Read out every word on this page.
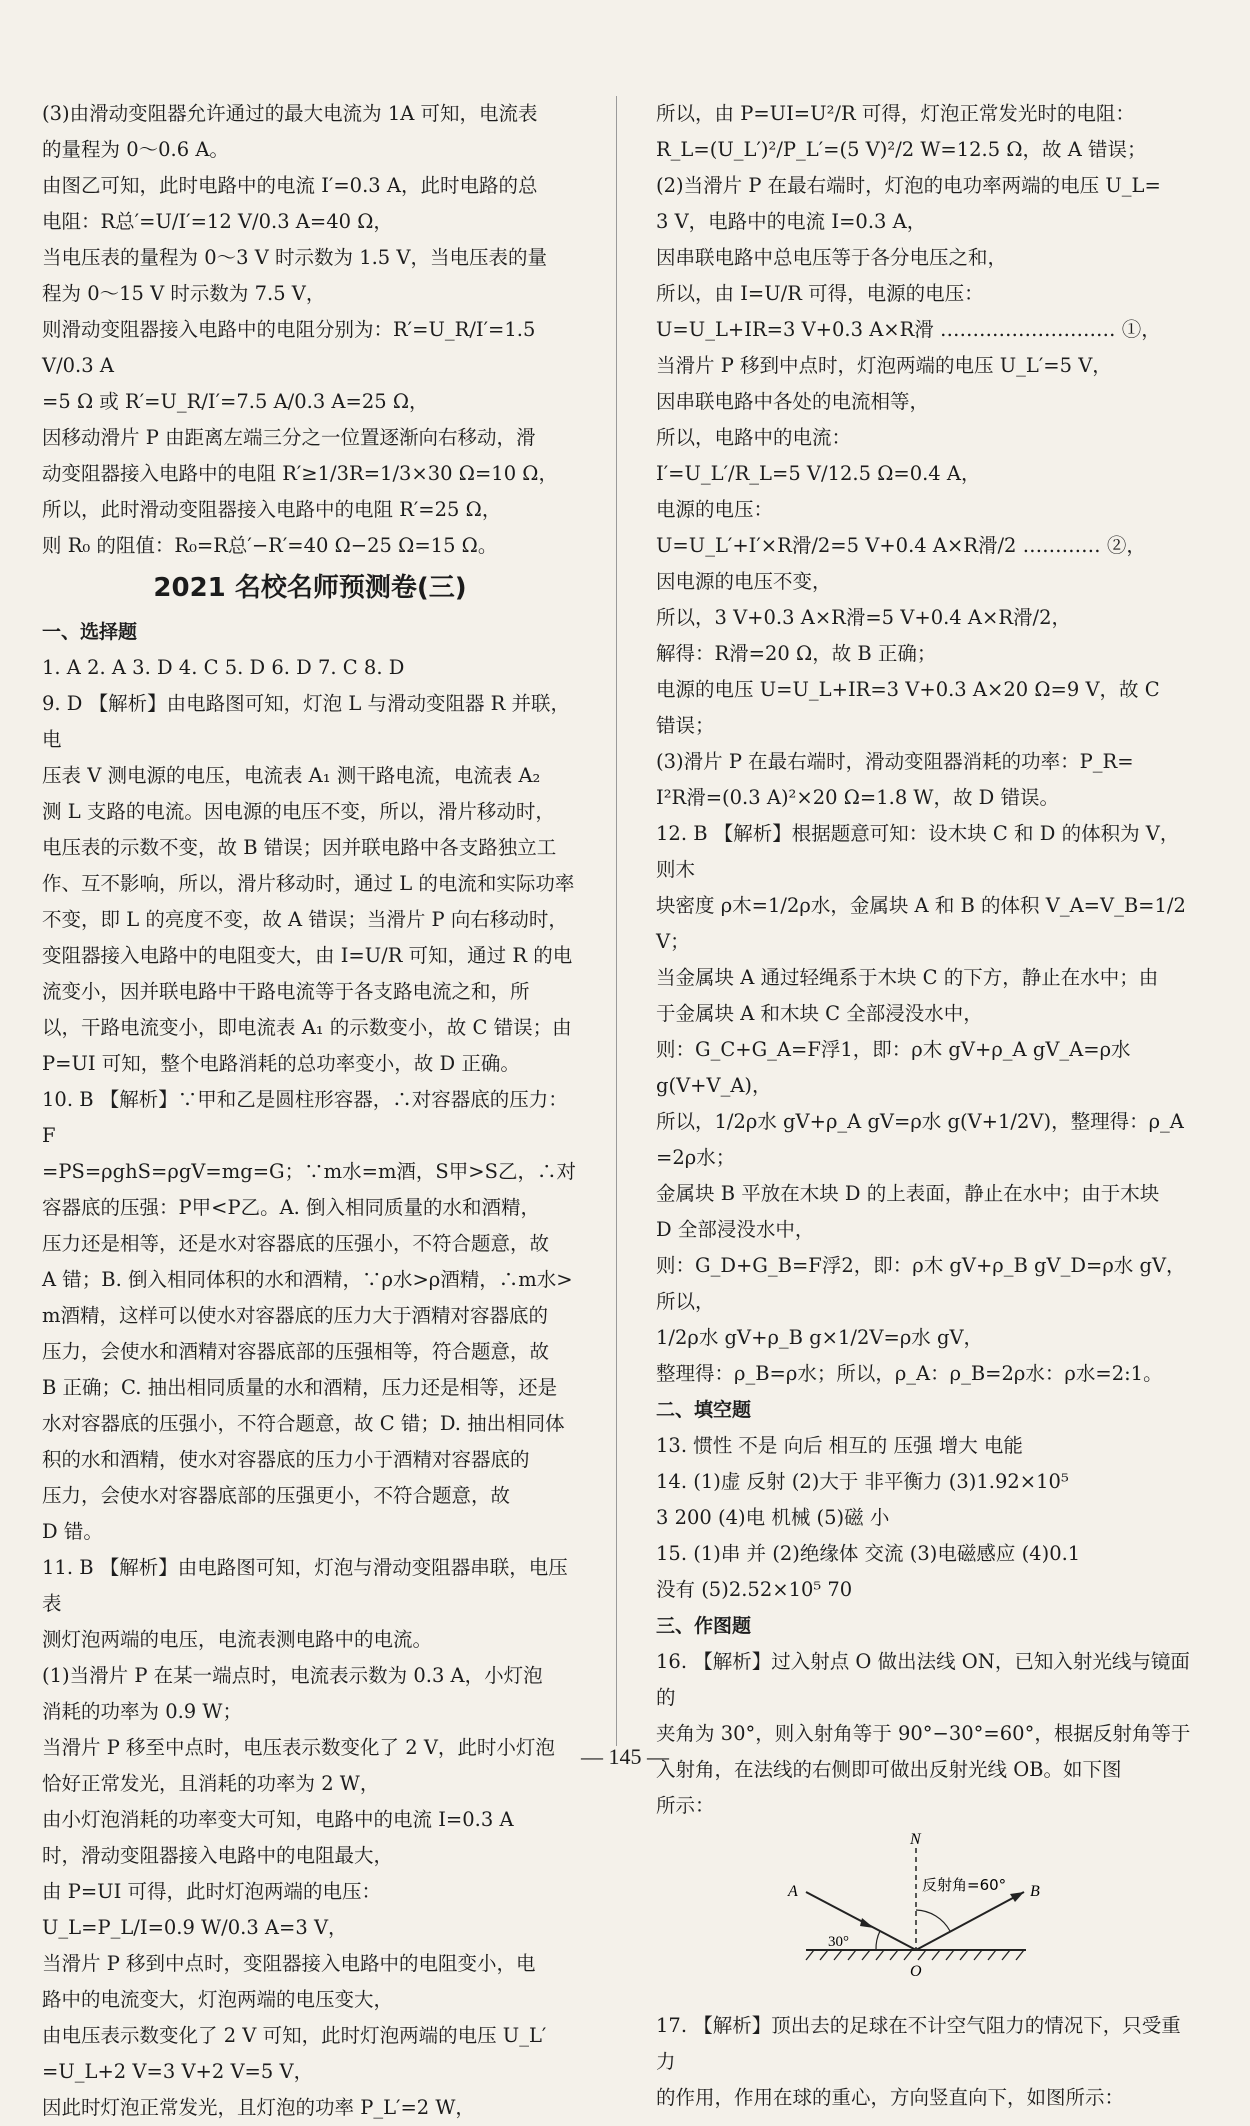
(3)由滑动变阻器允许通过的最大电流为 1A 可知，电流表
的量程为 0～0.6 A。
由图乙可知，此时电路中的电流 I′=0.3 A，此时电路的总
电阻：R总′=U/I′=12 V/0.3 A=40 Ω，
当电压表的量程为 0～3 V 时示数为 1.5 V，当电压表的量
程为 0～15 V 时示数为 7.5 V，
则滑动变阻器接入电路中的电阻分别为：R′=U_R/I′=1.5 V/0.3 A
=5 Ω 或 R′=U_R/I′=7.5 A/0.3 A=25 Ω，
因移动滑片 P 由距离左端三分之一位置逐渐向右移动，滑
动变阻器接入电路中的电阻 R′≥1/3R=1/3×30 Ω=10 Ω，
所以，此时滑动变阻器接入电路中的电阻 R′=25 Ω，
则 R₀ 的阻值：R₀=R总′−R′=40 Ω−25 Ω=15 Ω。
2021 名校名师预测卷(三)
一、选择题
1. A 2. A 3. D 4. C 5. D 6. D 7. C 8. D
9. D 【解析】由电路图可知，灯泡 L 与滑动变阻器 R 并联，电
压表 V 测电源的电压，电流表 A₁ 测干路电流，电流表 A₂
测 L 支路的电流。因电源的电压不变，所以，滑片移动时，
电压表的示数不变，故 B 错误；因并联电路中各支路独立工
作、互不影响，所以，滑片移动时，通过 L 的电流和实际功率
不变，即 L 的亮度不变，故 A 错误；当滑片 P 向右移动时，
变阻器接入电路中的电阻变大，由 I=U/R 可知，通过 R 的电
流变小，因并联电路中干路电流等于各支路电流之和，所
以，干路电流变小，即电流表 A₁ 的示数变小，故 C 错误；由
P=UI 可知，整个电路消耗的总功率变小，故 D 正确。
10. B 【解析】∵甲和乙是圆柱形容器，∴对容器底的压力：F
=PS=ρghS=ρgV=mg=G；∵m水=m酒，S甲>S乙，∴对
容器底的压强：P甲<P乙。A. 倒入相同质量的水和酒精，
压力还是相等，还是水对容器底的压强小，不符合题意，故
A 错；B. 倒入相同体积的水和酒精，∵ρ水>ρ酒精，∴m水>
m酒精，这样可以使水对容器底的压力大于酒精对容器底的
压力，会使水和酒精对容器底部的压强相等，符合题意，故
B 正确；C. 抽出相同质量的水和酒精，压力还是相等，还是
水对容器底的压强小，不符合题意，故 C 错；D. 抽出相同体
积的水和酒精，使水对容器底的压力小于酒精对容器底的
压力，会使水对容器底部的压强更小，不符合题意，故
D 错。
11. B 【解析】由电路图可知，灯泡与滑动变阻器串联，电压表
测灯泡两端的电压，电流表测电路中的电流。
(1)当滑片 P 在某一端点时，电流表示数为 0.3 A，小灯泡
消耗的功率为 0.9 W；
当滑片 P 移至中点时，电压表示数变化了 2 V，此时小灯泡
恰好正常发光，且消耗的功率为 2 W，
由小灯泡消耗的功率变大可知，电路中的电流 I=0.3 A
时，滑动变阻器接入电路中的电阻最大，
由 P=UI 可得，此时灯泡两端的电压：
U_L=P_L/I=0.9 W/0.3 A=3 V，
当滑片 P 移到中点时，变阻器接入电路中的电阻变小，电
路中的电流变大，灯泡两端的电压变大，
由电压表示数变化了 2 V 可知，此时灯泡两端的电压 U_L′
=U_L+2 V=3 V+2 V=5 V，
因此时灯泡正常发光，且灯泡的功率 P_L′=2 W，
所以，由 P=UI=U²/R 可得，灯泡正常发光时的电阻：
R_L=(U_L′)²/P_L′=(5 V)²/2 W=12.5 Ω，故 A 错误；
(2)当滑片 P 在最右端时，灯泡的电功率两端的电压 U_L=
3 V，电路中的电流 I=0.3 A，
因串联电路中总电压等于各分电压之和，
所以，由 I=U/R 可得，电源的电压：
U=U_L+IR=3 V+0.3 A×R滑 ……………………… ①，
当滑片 P 移到中点时，灯泡两端的电压 U_L′=5 V，
因串联电路中各处的电流相等，
所以，电路中的电流：
I′=U_L′/R_L=5 V/12.5 Ω=0.4 A，
电源的电压：
U=U_L′+I′×R滑/2=5 V+0.4 A×R滑/2 ………… ②，
因电源的电压不变，
所以，3 V+0.3 A×R滑=5 V+0.4 A×R滑/2，
解得：R滑=20 Ω，故 B 正确；
电源的电压 U=U_L+IR=3 V+0.3 A×20 Ω=9 V，故 C
错误；
(3)滑片 P 在最右端时，滑动变阻器消耗的功率：P_R=
I²R滑=(0.3 A)²×20 Ω=1.8 W，故 D 错误。
12. B 【解析】根据题意可知：设木块 C 和 D 的体积为 V，则木
块密度 ρ木=1/2ρ水，金属块 A 和 B 的体积 V_A=V_B=1/2 V；
当金属块 A 通过轻绳系于木块 C 的下方，静止在水中；由
于金属块 A 和木块 C 全部浸没水中，
则：G_C+G_A=F浮1，即：ρ木 gV+ρ_A gV_A=ρ水 g(V+V_A)，
所以，1/2ρ水 gV+ρ_A gV=ρ水 g(V+1/2V)，整理得：ρ_A
=2ρ水；
金属块 B 平放在木块 D 的上表面，静止在水中；由于木块
D 全部浸没水中，
则：G_D+G_B=F浮2，即：ρ木 gV+ρ_B gV_D=ρ水 gV，所以，
1/2ρ水 gV+ρ_B g×1/2V=ρ水 gV，
整理得：ρ_B=ρ水；所以，ρ_A：ρ_B=2ρ水：ρ水=2:1。
二、填空题
13. 惯性 不是 向后 相互的 压强 增大 电能
14. (1)虚 反射 (2)大于 非平衡力 (3)1.92×10⁵
3 200 (4)电 机械 (5)磁 小
15. (1)串 并 (2)绝缘体 交流 (3)电磁感应 (4)0.1
没有 (5)2.52×10⁵ 70
三、作图题
16. 【解析】过入射点 O 做出法线 ON，已知入射光线与镜面的
夹角为 30°，则入射角等于 90°−30°=60°，根据反射角等于
入射角，在法线的右侧即可做出反射光线 OB。如下图
所示：
N
A	B
O
30°
反射角=60°
17. 【解析】顶出去的足球在不计空气阻力的情况下，只受重力
的作用，作用在球的重心，方向竖直向下，如图所示：
— 145 —
